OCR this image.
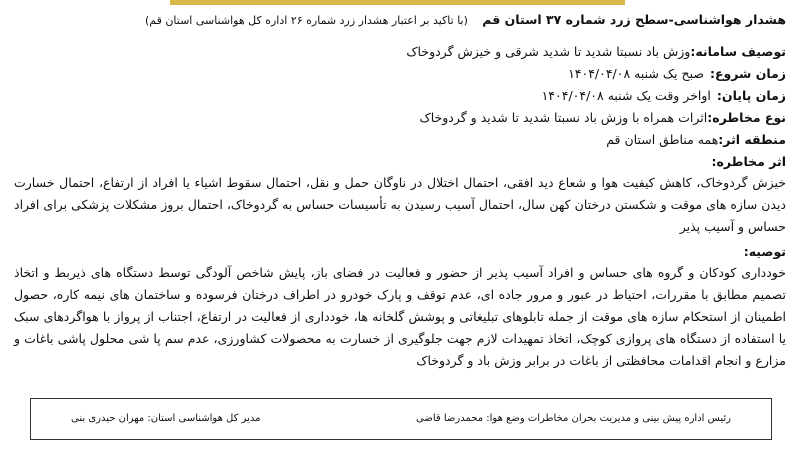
هشدار هواشناسی-سطح زرد شماره ۳۷ استان قم (با تاکید بر اعتبار هشدار زرد شماره ۲۶ اداره کل هواشناسی استان قم)
توصیف سامانه:وزش باد نسبتا شدید تا شدید شرقی و خیزش گردوخاک
زمان شروع:صبح یک شنبه ۱۴۰۴/۰۴/۰۸
زمان پایان:اواخر وقت یک شنبه ۱۴۰۴/۰۴/۰۸
نوع مخاطره:اثرات همراه با وزش باد نسبتا شدید تا شدید و گردوخاک
منطقه اثر:همه مناطق استان قم
اثر مخاطره:
خیزش گردوخاک، کاهش کیفیت هوا و شعاع دید افقی، احتمال اختلال در ناوگان حمل و نقل، احتمال سقوط اشیاء یا افراد از ارتفاع، احتمال خسارت دیدن سازه های موقت و شکستن درختان کهن سال، احتمال آسیب رسیدن به تأسیسات حساس به گردوخاک، احتمال بروز مشکلات پزشکی برای افراد حساس و آسیب پذیر
توصیه:
خودداری کودکان و گروه های حساس و افراد آسیب پذیر از حضور و فعالیت در فضای باز، پایش شاخص آلودگی توسط دستگاه های ذیربط و اتخاذ تصمیم مطابق با مقررات، احتیاط در عبور و مرور جاده ای، عدم توقف و پارک خودرو در اطراف درختان فرسوده و ساختمان های نیمه کاره، حصول اطمینان از استحکام سازه های موقت از جمله تابلوهای تبلیغاتی و پوشش گلخانه ها، خودداری از فعالیت در ارتفاع، اجتناب از پرواز با هواگردهای سبک یا استفاده از دستگاه های پروازی کوچک، اتخاذ تمهیدات لازم جهت جلوگیری از خسارت به محصولات کشاورزی، عدم سم پا شی محلول پاشی باغات و مزارع و انجام اقدامات محافظتی از باغات در برابر وزش باد و گردوخاک
رئیس اداره پیش بینی و مدیریت بحران مخاطرات وضع هوا: محمدرضا قاضی
مدیر کل هواشناسی استان: مهران حیدری بنی
